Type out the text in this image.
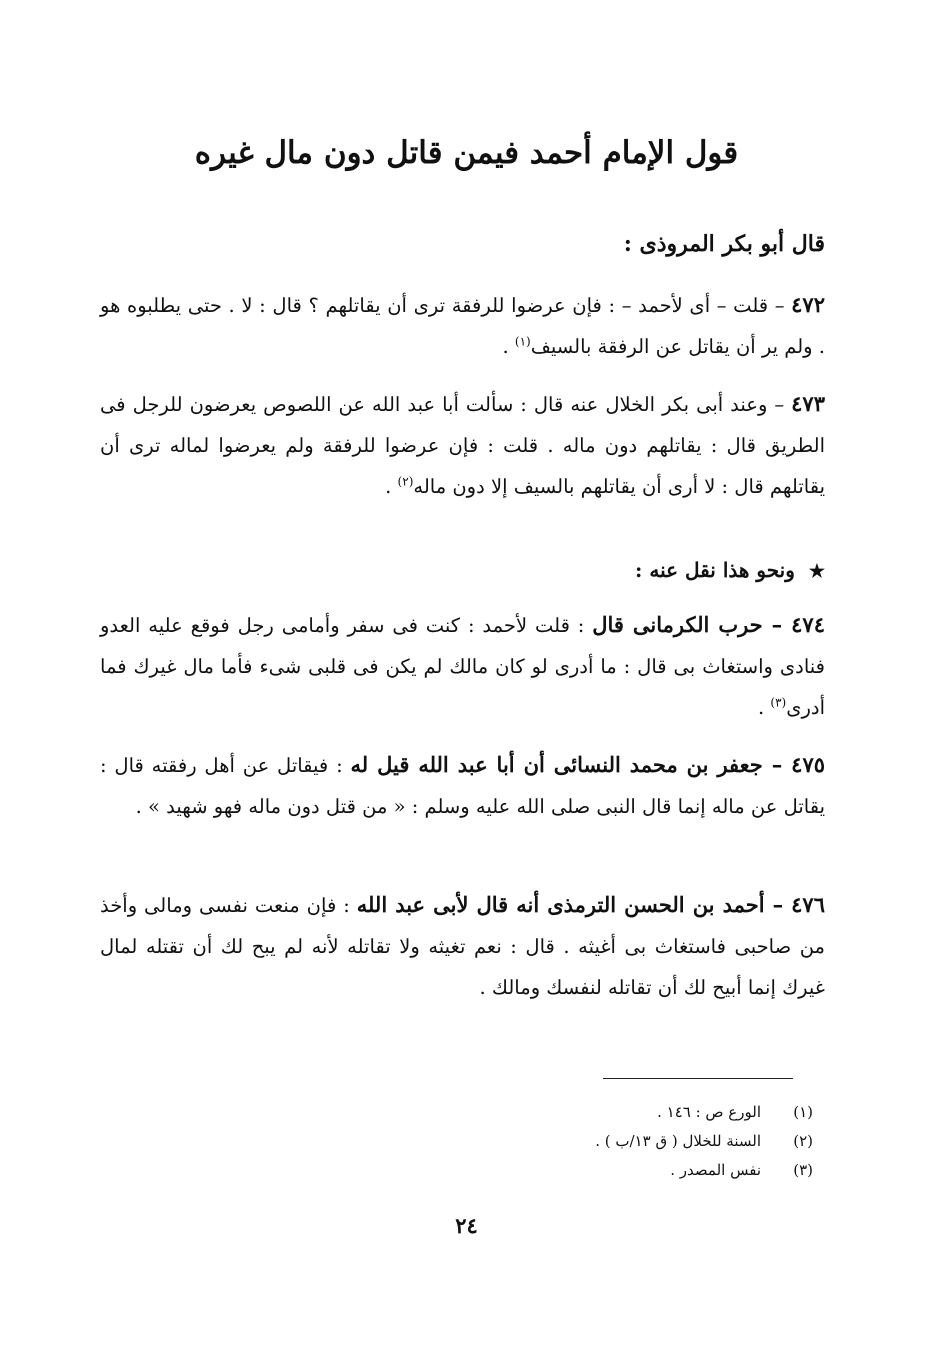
قول الإمام أحمد فيمن قاتل دون مال غيره
قال أبو بكر المروذى :
٤٧٢ – قلت – أى لأحمد – : فإن عرضوا للرفقة ترى أن يقاتلهم ؟ قال : لا . حتى يطلبوه هو . ولم ير أن يقاتل عن الرفقة بالسيف$^{(١)}$ .
٤٧٣ – وعند أبى بكر الخلال عنه قال : سألت أبا عبد الله عن اللصوص يعرضون للرجل فى الطريق قال : يقاتلهم دون ماله . قلت : فإن عرضوا للرفقة ولم يعرضوا لماله ترى أن يقاتلهم قال : لا أرى أن يقاتلهم بالسيف إلا دون ماله$^{(٢)}$ .
★ونحو هذا نقل عنه :
٤٧٤ – حرب الكرمانى قال : قلت لأحمد : كنت فى سفر وأمامى رجل فوقع عليه العدو فنادى واستغاث بى قال : ما أدرى لو كان مالك لم يكن فى قلبى شىء فأما مال غيرك فما أدرى$^{(٣)}$ .
٤٧٥ – جعفر بن محمد النسائى أن أبا عبد الله قيل له : فيقاتل عن أهل رفقته قال : يقاتل عن ماله إنما قال النبى صلى الله عليه وسلم : « من قتل دون ماله فهو شهيد » .
٤٧٦ – أحمد بن الحسن الترمذى أنه قال لأبى عبد الله : فإن منعت نفسى ومالى وأخذ من صاحبى فاستغاث بى أغيثه . قال : نعم تغيثه ولا تقاتله لأنه لم يبح لك أن تقتله لمال غيرك إنما أبيح لك أن تقاتله لنفسك ومالك .
(١)
الورع ص : ١٤٦ .
(٢)
السنة للخلال ( ق ١٣/ب ) .
(٣)
نفس المصدر .
٢٤
